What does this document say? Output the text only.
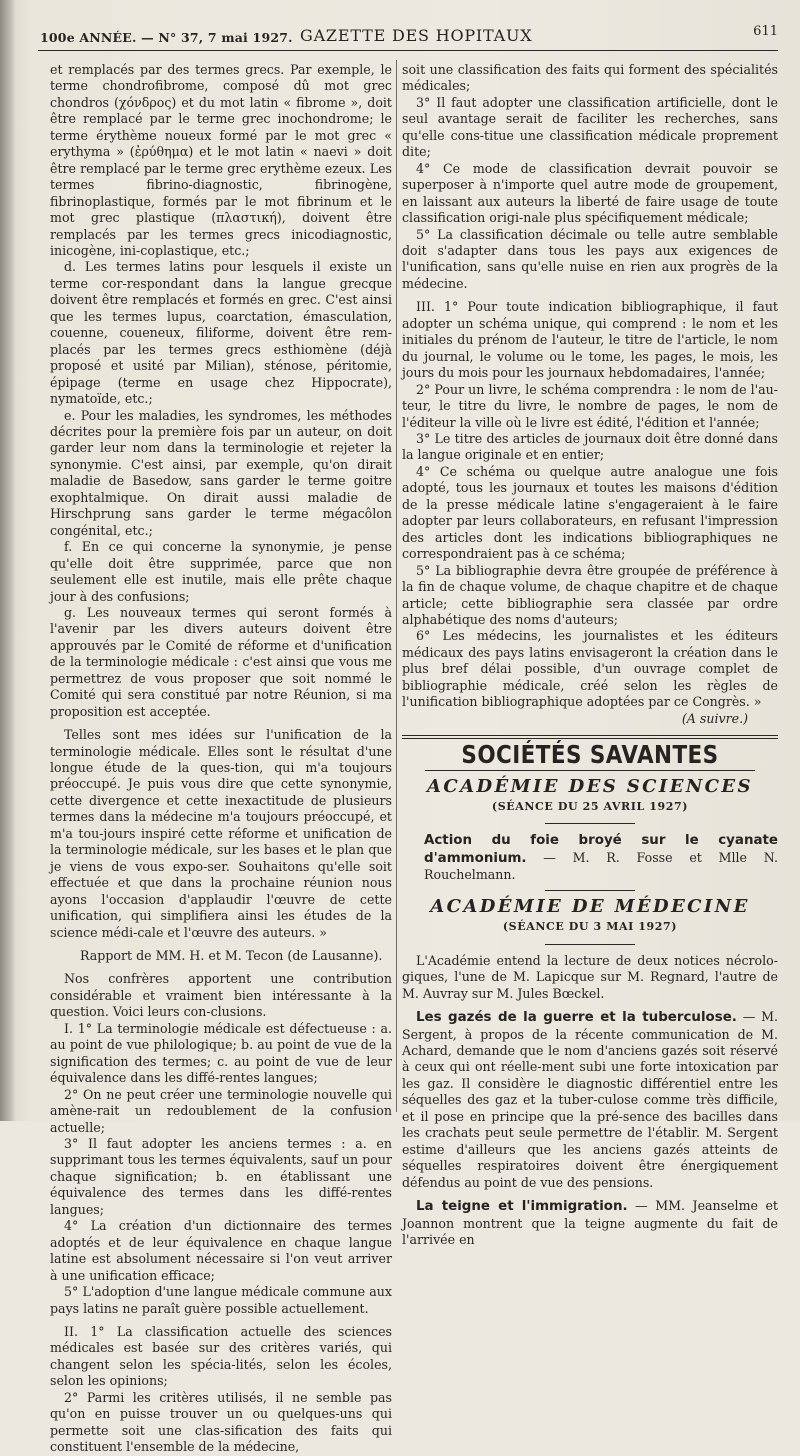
100e ANNÉE. — N° 37, 7 mai 1927. GAZETTE DES HOPITAUX	611

et remplacés par des termes grecs. Par exemple, le terme chondrofibrome, composé dû mot grec chondros (χόνδρος) et du mot latin « fibrome », doit être remplacé par le terme grec inochondrome; le terme érythème noueux formé par le mot grec « erythyma » (ἐρύθημα) et le mot latin « naevi » doit être remplacé par le terme grec erythème ezeux. Les termes fibrino-diagnostic, fibrinogène, fibrinoplastique, formés par le mot fibrinum et le mot grec plastique (πλαστική), doivent être remplacés par les termes grecs inicodiagnostic, inicogène, ini-coplastique, etc.;

d. Les termes latins pour lesquels il existe un terme cor-respondant dans la langue grecque doivent être remplacés et formés en grec. C'est ainsi que les termes lupus, coarctation, émasculation, couenne, coueneux, filiforme, doivent être rem-placés par les termes grecs esthiomène (déjà proposé et usité par Milian), sténose, péritomie, épipage (terme en usage chez Hippocrate), nymatoïde, etc.;

e. Pour les maladies, les syndromes, les méthodes décrites pour la première fois par un auteur, on doit garder leur nom dans la terminologie et rejeter la synonymie. C'est ainsi, par exemple, qu'on dirait maladie de Basedow, sans garder le terme goitre exophtalmique. On dirait aussi maladie de Hirschprung sans garder le terme mégacôlon congénital, etc.;

f. En ce qui concerne la synonymie, je pense qu'elle doit être supprimée, parce que non seulement elle est inutile, mais elle prête chaque jour à des confusions;

g. Les nouveaux termes qui seront formés à l'avenir par les divers auteurs doivent être approuvés par le Comité de réforme et d'unification de la terminologie médicale : c'est ainsi que vous me permettrez de vous proposer que soit nommé le Comité qui sera constitué par notre Réunion, si ma proposition est acceptée.

Telles sont mes idées sur l'unification de la terminologie médicale. Elles sont le résultat d'une longue étude de la ques-tion, qui m'a toujours préoccupé. Je puis vous dire que cette synonymie, cette divergence et cette inexactitude de plusieurs termes dans la médecine m'a toujours préoccupé, et m'a tou-jours inspiré cette réforme et unification de la terminologie médicale, sur les bases et le plan que je viens de vous expo-ser. Souhaitons qu'elle soit effectuée et que dans la prochaine réunion nous ayons l'occasion d'applaudir l'œuvre de cette unification, qui simplifiera ainsi les études de la science médi-cale et l'œuvre des auteurs. »

Rapport de MM. H. et M. Tecon (de Lausanne).

Nos confrères apportent une contribution considérable et vraiment bien intéressante à la question. Voici leurs con-clusions.

I. 1° La terminologie médicale est défectueuse : a. au point de vue philologique; b. au point de vue de la signification des termes; c. au point de vue de leur équivalence dans les diffé-rentes langues;

2° On ne peut créer une terminologie nouvelle qui amène-rait un redoublement de la confusion actuelle;

3° Il faut adopter les anciens termes : a. en supprimant tous les termes équivalents, sauf un pour chaque signification; b. en établissant une équivalence des termes dans les diffé-rentes langues;

4° La création d'un dictionnaire des termes adoptés et de leur équivalence en chaque langue latine est absolument nécessaire si l'on veut arriver à une unification efficace;

5° L'adoption d'une langue médicale commune aux pays latins ne paraît guère possible actuellement.

II. 1° La classification actuelle des sciences médicales est basée sur des critères variés, qui changent selon les spécia-lités, selon les écoles, selon les opinions;

2° Parmi les critères utilisés, il ne semble pas qu'on en puisse trouver un ou quelques-uns qui permette soit une clas-sification des faits qui constituent l'ensemble de la médecine,

soit une classification des faits qui forment des spécialités médicales;

3° Il faut adopter une classification artificielle, dont le seul avantage serait de faciliter les recherches, sans qu'elle cons-titue une classification médicale proprement dite;

4° Ce mode de classification devrait pouvoir se superposer à n'importe quel autre mode de groupement, en laissant aux auteurs la liberté de faire usage de toute classification origi-nale plus spécifiquement médicale;

5° La classification décimale ou telle autre semblable doit s'adapter dans tous les pays aux exigences de l'unification, sans qu'elle nuise en rien aux progrès de la médecine.

III. 1° Pour toute indication bibliographique, il faut adopter un schéma unique, qui comprend : le nom et les initiales du prénom de l'auteur, le titre de l'article, le nom du journal, le volume ou le tome, les pages, le mois, les jours du mois pour les journaux hebdomadaires, l'année;

2° Pour un livre, le schéma comprendra : le nom de l'au-teur, le titre du livre, le nombre de pages, le nom de l'éditeur la ville où le livre est édité, l'édition et l'année;

3° Le titre des articles de journaux doit être donné dans la langue originale et en entier;

4° Ce schéma ou quelque autre analogue une fois adopté, tous les journaux et toutes les maisons d'édition de la presse médicale latine s'engageraient à le faire adopter par leurs collaborateurs, en refusant l'impression des articles dont les indications bibliographiques ne correspondraient pas à ce schéma;

5° La bibliographie devra être groupée de préférence à la fin de chaque volume, de chaque chapitre et de chaque article; cette bibliographie sera classée par ordre alphabétique des noms d'auteurs;

6° Les médecins, les journalistes et les éditeurs médicaux des pays latins envisageront la création dans le plus bref délai possible, d'un ouvrage complet de bibliographie médicale, créé selon les règles de l'unification bibliographique adoptées par ce Congrès. »

(A suivre.)
SOCIÉTÉS SAVANTES
ACADÉMIE DES SCIENCES
(SÉANCE DU 25 AVRIL 1927)

Action du foie broyé sur le cyanate d'ammonium. — M. R. Fosse et Mlle N. Rouchelmann.

ACADÉMIE DE MÉDECINE
(SÉANCE DU 3 MAI 1927)

L'Académie entend la lecture de deux notices nécrolo-giques, l'une de M. Lapicque sur M. Regnard, l'autre de M. Auvray sur M. Jules Bœckel.

Les gazés de la guerre et la tuberculose. — M. Sergent, à propos de la récente communication de M. Achard, demande que le nom d'anciens gazés soit réservé à ceux qui ont réelle-ment subi une forte intoxication par les gaz. Il considère le diagnostic différentiel entre les séquelles des gaz et la tuber-culose comme très difficile, et il pose en principe que la pré-sence des bacilles dans les crachats peut seule permettre de l'établir. M. Sergent estime d'ailleurs que les anciens gazés atteints de séquelles respiratoires doivent être énergiquement défendus au point de vue des pensions.

La teigne et l'immigration. — MM. Jeanselme et Joannon montrent que la teigne augmente du fait de l'arrivée en
